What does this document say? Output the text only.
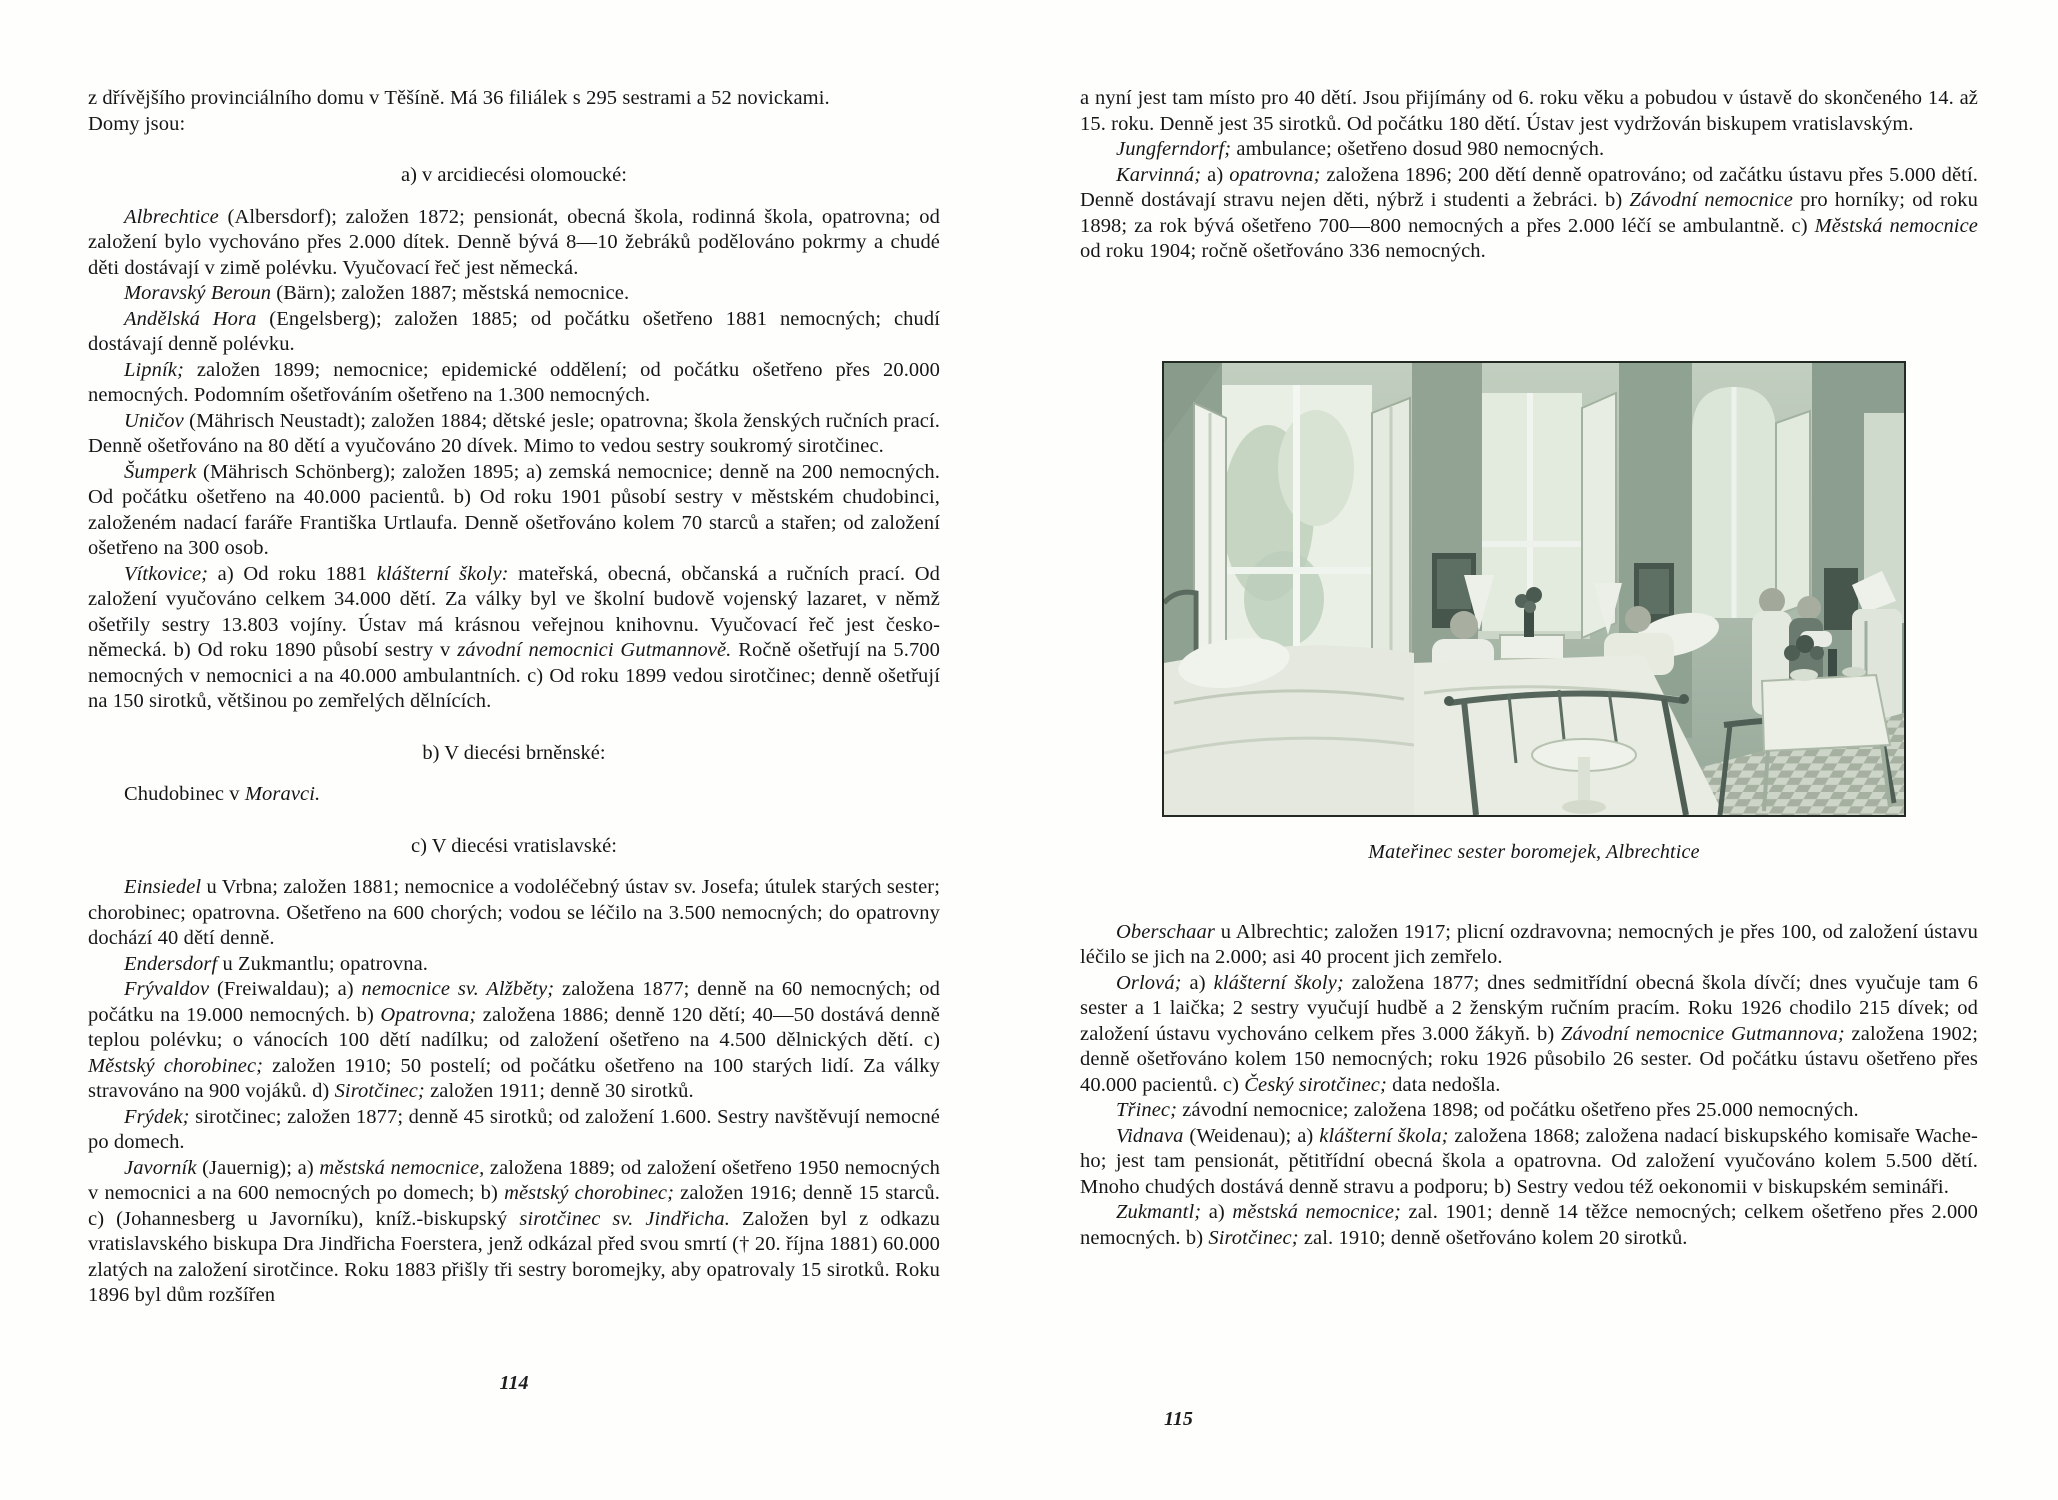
z dřívějšího provinciálního domu v Těšíně. Má 36 filiálek s 295 sestrami a 52 novickami.

Domy jsou:

a) v arcidiecési olomoucké:

Albrechtice (Albersdorf); založen 1872; pensionát, obecná škola, rodinná škola, opatrovna; od založení bylo vychováno přes 2.000 dítek. Denně bývá 8—10 žebráků podělováno pokrmy a chudé děti dostávají v zimě polévku. Vyučovací řeč jest německá.

Moravský Beroun (Bärn); založen 1887; městská nemocnice.

Andělská Hora (Engelsberg); založen 1885; od počátku ošetřeno 1881 nemocných; chudí dostávají denně polévku.

Lipník; založen 1899; nemocnice; epidemické oddělení; od počátku ošetřeno přes 20.000 nemocných. Podomním ošetřováním ošetřeno na 1.300 nemocných.

Uničov (Mährisch Neustadt); založen 1884; dětské jesle; opatrovna; škola ženských ručních prací. Denně ošetřováno na 80 dětí a vyučováno 20 dívek. Mimo to vedou sestry soukromý sirotčinec.

Šumperk (Mährisch Schönberg); založen 1895; a) zemská nemocnice; denně na 200 nemocných. Od počátku ošetřeno na 40.000 pacientů. b) Od roku 1901 působí sestry v městském chudobinci, založeném nadací faráře Františka Urtlaufa. Denně ošetřováno kolem 70 starců a stařen; od založení ošetřeno na 300 osob.

Vítkovice; a) Od roku 1881 klášterní školy: mateřská, obecná, občanská a ručních prací. Od založení vyučováno celkem 34.000 dětí. Za války byl ve školní budově vojenský lazaret, v němž ošetřily sestry 13.803 vojíny. Ústav má krásnou veřejnou knihovnu. Vyučovací řeč jest česko-německá. b) Od roku 1890 působí sestry v závodní nemocnici Gutmannově. Ročně ošetřují na 5.700 nemocných v nemocnici a na 40.000 ambulantních. c) Od roku 1899 vedou sirotčinec; denně ošetřují na 150 sirotků, většinou po zemřelých dělnících.

b) V diecési brněnské:

Chudobinec v Moravci.

c) V diecési vratislavské:

Einsiedel u Vrbna; založen 1881; nemocnice a vodoléčebný ústav sv. Josefa; útulek starých sester; chorobinec; opatrovna. Ošetřeno na 600 chorých; vodou se léčilo na 3.500 nemocných; do opatrovny dochází 40 dětí denně.

Endersdorf u Zukmantlu; opatrovna.

Frývaldov (Freiwaldau); a) nemocnice sv. Alžběty; založena 1877; denně na 60 nemocných; od počátku na 19.000 nemocných. b) Opatrovna; založena 1886; denně 120 dětí; 40—50 dostává denně teplou polévku; o vánocích 100 dětí nadílku; od založení ošetřeno na 4.500 dělnických dětí. c) Městský chorobinec; založen 1910; 50 postelí; od počátku ošetřeno na 100 starých lidí. Za války stravováno na 900 vojáků. d) Sirotčinec; založen 1911; denně 30 sirotků.

Frýdek; sirotčinec; založen 1877; denně 45 sirotků; od založení 1.600. Sestry navštěvují nemocné po domech.

Javorník (Jauernig); a) městská nemocnice, založena 1889; od založení ošetřeno 1950 nemocných v nemocnici a na 600 nemocných po domech; b) městský chorobinec; založen 1916; denně 15 starců. c) (Johannesberg u Javorníku), kníž.-biskupský sirotčinec sv. Jindřicha. Založen byl z odkazu vratislavského biskupa Dra Jindřicha Foerstera, jenž odkázal před svou smrtí († 20. října 1881) 60.000 zlatých na založení sirotčince. Roku 1883 přišly tři sestry boromejky, aby opatrovaly 15 sirotků. Roku 1896 byl dům rozšířen

114

a nyní jest tam místo pro 40 dětí. Jsou přijímány od 6. roku věku a pobudou v ústavě do skončeného 14. až 15. roku. Denně jest 35 sirotků. Od počátku 180 dětí. Ústav jest vydržován biskupem vratislavským.

Jungferndorf; ambulance; ošetřeno dosud 980 nemocných.

Karvinná; a) opatrovna; založena 1896; 200 dětí denně opatrováno; od začátku ústavu přes 5.000 dětí. Denně dostávají stravu nejen děti, nýbrž i studenti a žebráci. b) Závodní nemocnice pro horníky; od roku 1898; za rok bývá ošetřeno 700—800 nemocných a přes 2.000 léčí se ambulantně. c) Městská nemocnice od roku 1904; ročně ošetřováno 336 nemocných.

Mateřinec sester boromejek, Albrechtice

Oberschaar u Albrechtic; založen 1917; plicní ozdravovna; nemocných je přes 100, od založení ústavu léčilo se jich na 2.000; asi 40 procent jich zemřelo.

Orlová; a) klášterní školy; založena 1877; dnes sedmitřídní obecná škola dívčí; dnes vyučuje tam 6 sester a 1 laička; 2 sestry vyučují hudbě a 2 ženským ručním pracím. Roku 1926 chodilo 215 dívek; od založení ústavu vychováno celkem přes 3.000 žákyň. b) Závodní nemocnice Gutmannova; založena 1902; denně ošetřováno kolem 150 nemocných; roku 1926 působilo 26 sester. Od počátku ústavu ošetřeno přes 40.000 pacientů. c) Český sirotčinec; data nedošla.

Třinec; závodní nemocnice; založena 1898; od počátku ošetřeno přes 25.000 nemocných.

Vidnava (Weidenau); a) klášterní škola; založena 1868; založena nadací biskupského komisaře Wache-ho; jest tam pensionát, pětitřídní obecná škola a opatrovna. Od založení vyučováno kolem 5.500 dětí. Mnoho chudých dostává denně stravu a podporu; b) Sestry vedou též oekonomii v biskupském semináři.

Zukmantl; a) městská nemocnice; zal. 1901; denně 14 těžce nemocných; celkem ošetřeno přes 2.000 nemocných. b) Sirotčinec; zal. 1910; denně ošetřováno kolem 20 sirotků.

115
